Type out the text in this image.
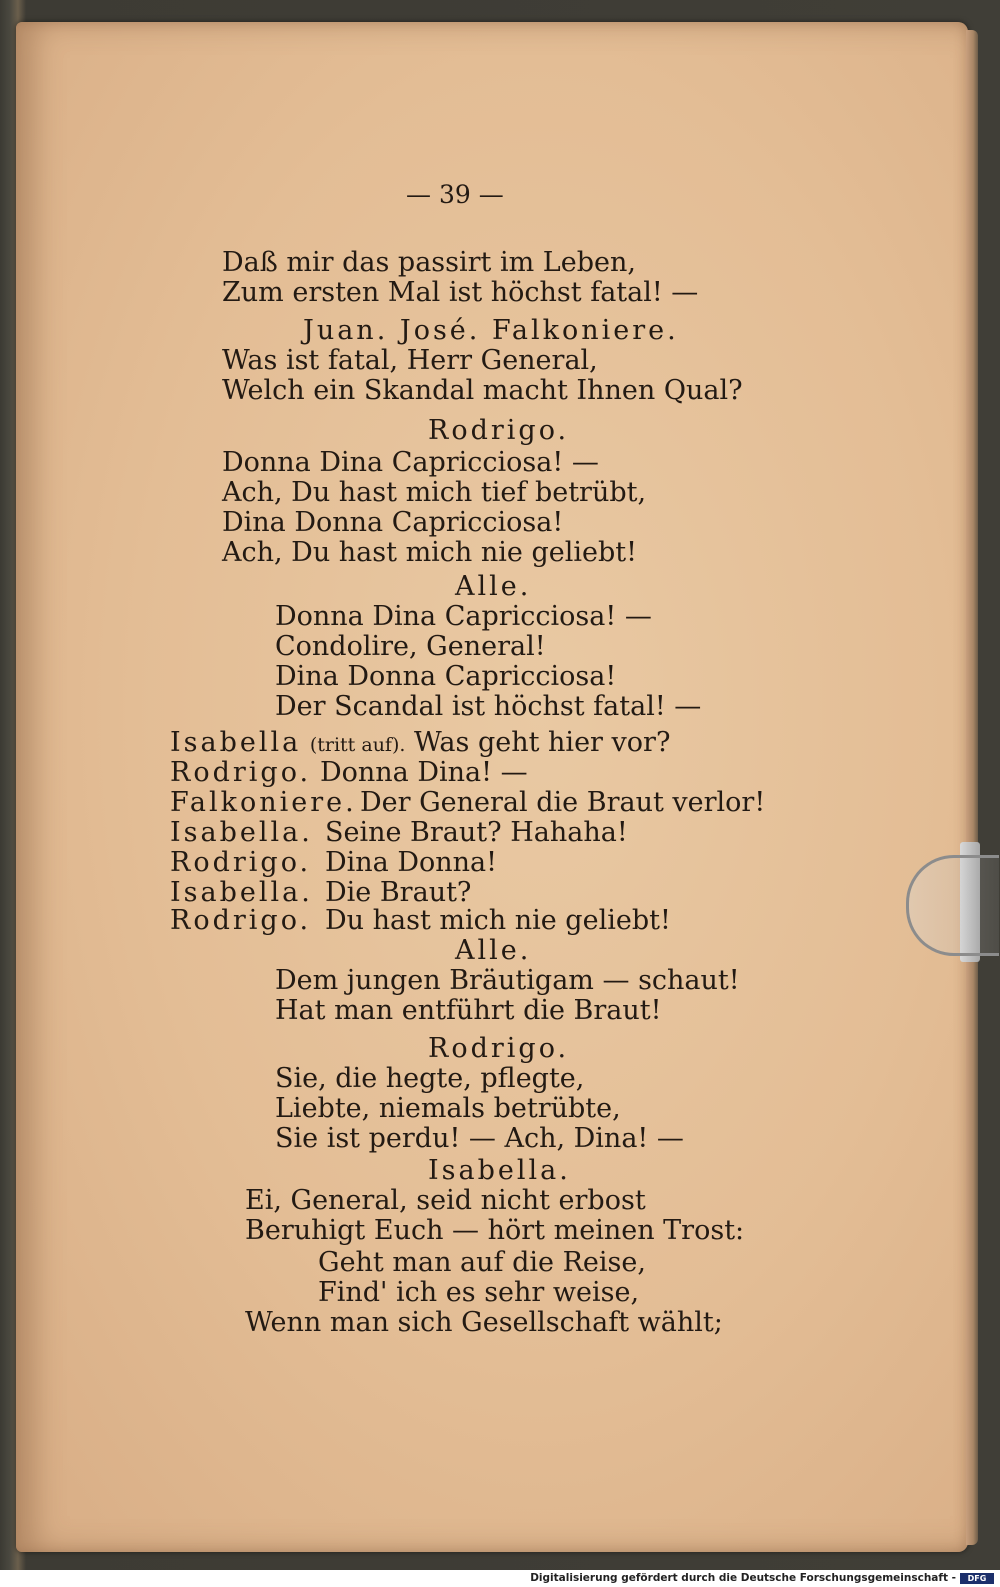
— 39 —
Daß mir das passirt im Leben,
Zum ersten Mal ist höchst fatal! —
Juan. José. Falkoniere.
Was ist fatal, Herr General,
Welch ein Skandal macht Ihnen Qual?
Rodrigo.
Donna Dina Capricciosa! —
Ach, Du hast mich tief betrübt,
Dina Donna Capricciosa!
Ach, Du hast mich nie geliebt!
Alle.
Donna Dina Capricciosa! —
Condolire, General!
Dina Donna Capricciosa!
Der Scandal ist höchst fatal! —
Isabella (tritt auf). Was geht hier vor?
Rodrigo. Donna Dina! —
Falkoniere. Der General die Braut verlor!
Isabella. Seine Braut? Hahaha!
Rodrigo. Dina Donna!
Isabella. Die Braut?
Rodrigo. Du hast mich nie geliebt!
Alle.
Dem jungen Bräutigam — schaut!
Hat man entführt die Braut!
Rodrigo.
Sie, die hegte, pflegte,
Liebte, niemals betrübte,
Sie ist perdu! — Ach, Dina! —
Isabella.
Ei, General, seid nicht erbost
Beruhigt Euch — hört meinen Trost:
Geht man auf die Reise,
Find' ich es sehr weise,
Wenn man sich Gesellschaft wählt;
Digitalisierung gefördert durch die Deutsche Forschungsgemeinschaft -	DFG
